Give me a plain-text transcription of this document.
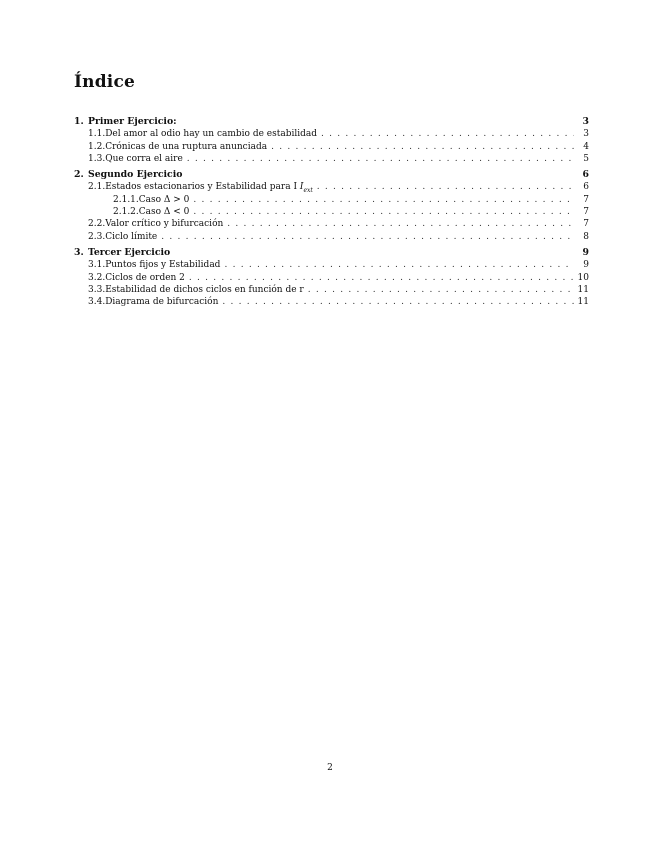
Índice
1. Primer Ejercicio:	3
1.1. Del amor al odio hay un cambio de estabilidad . . .	3
1.2. Crónicas de una ruptura anunciada . . .	4
1.3. Que corra el aire . . .	5
2. Segundo Ejercicio	6
2.1. Estados estacionarios y Estabilidad para I $I_{ext}$ . . .	6
2.1.1. Caso Δ > 0 . . .	7
2.1.2. Caso Δ < 0 . . .	7
2.2. Valor crítico y bifurcación . . .	7
2.3. Ciclo límite . . .	8
3. Tercer Ejercicio	9
3.1. Puntos fijos y Estabilidad . . .	9
3.2. Ciclos de orden 2 . . .	10
3.3. Estabilidad de dichos ciclos en función de r . . .	11
3.4. Diagrama de bifurcación . . .	11
2
